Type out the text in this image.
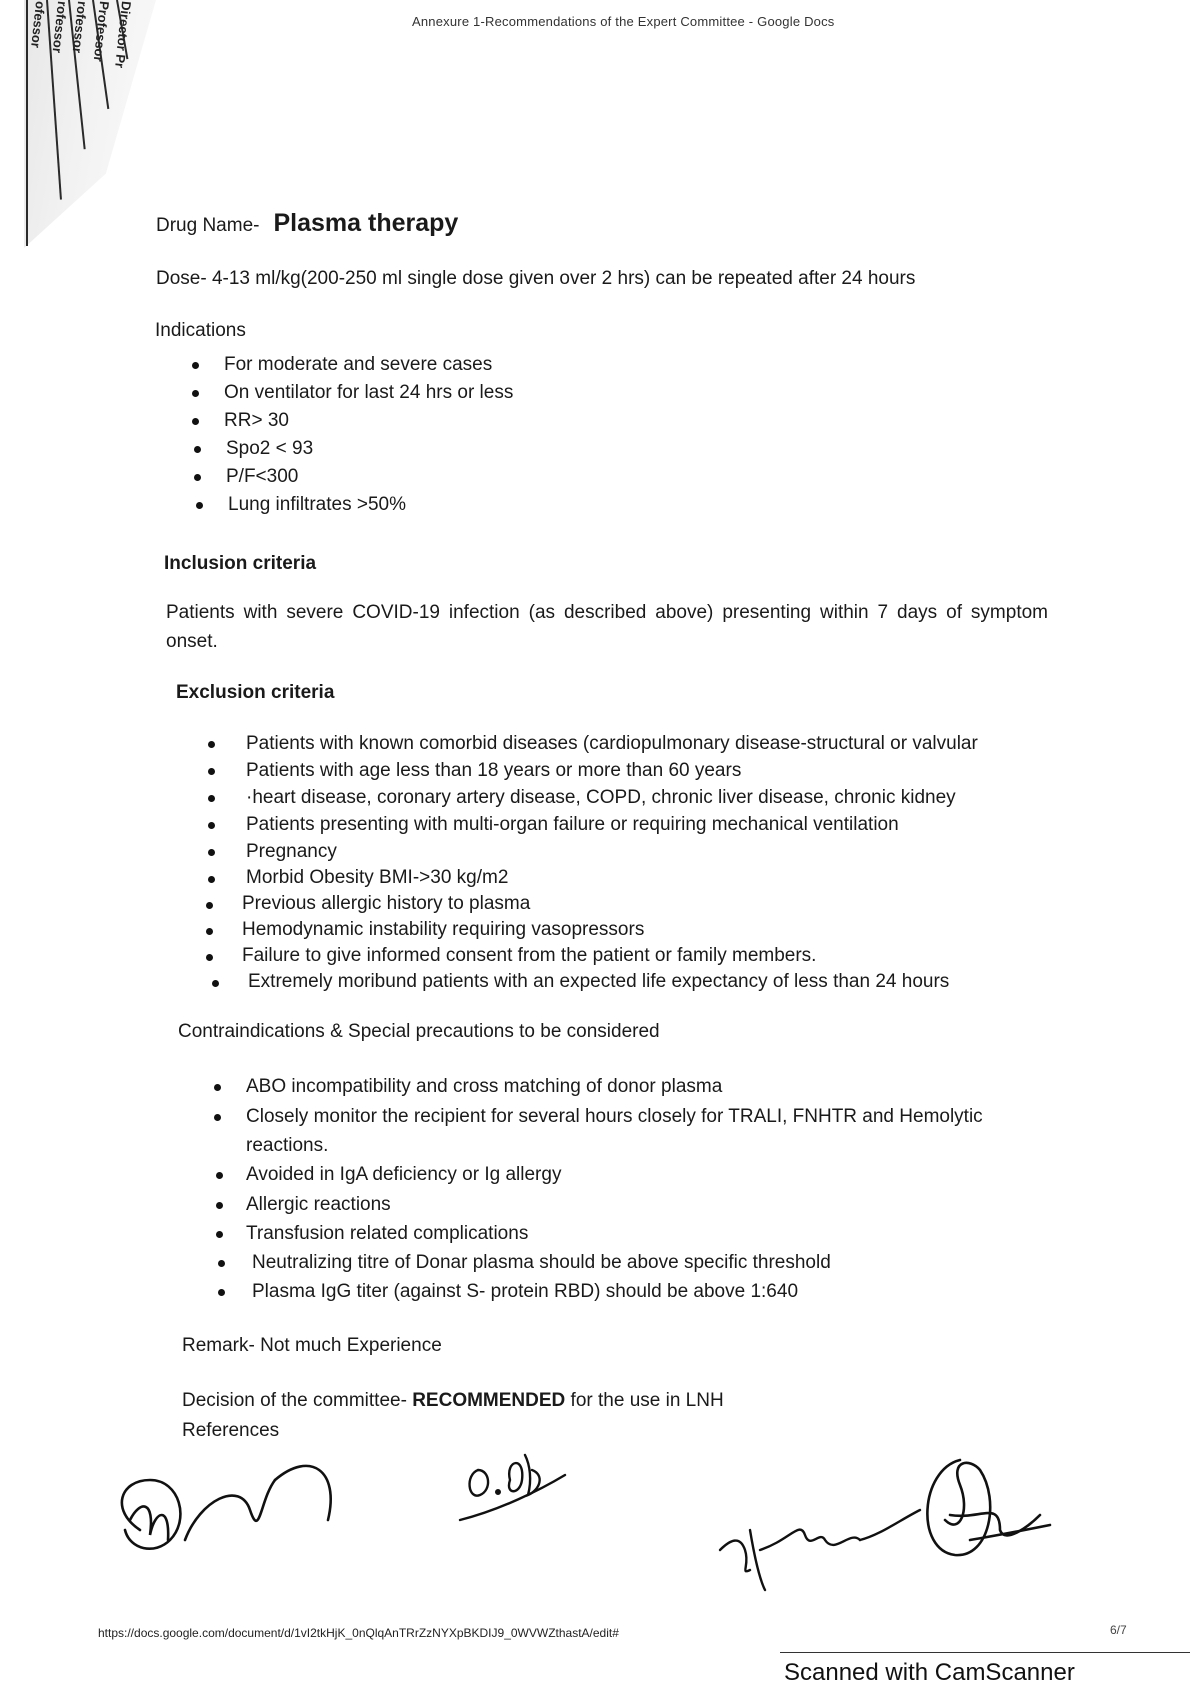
rofessor rofessor Professor
ofessor	Director Pr	Annexure 1-Recommendations of the Expert Committee - Google Docs
Drug Name- Plasma therapy
Dose- 4-13 ml/kg(200-250 ml single dose given over 2 hrs) can be repeated after 24 hours
Indications
For moderate and severe cases
On ventilator for last 24 hrs or less
RR> 30
Spo2 < 93
P/F<300
Lung infiltrates >50%
Inclusion criteria
Patients with severe COVID-19 infection (as described above) presenting within 7 days of symptom onset.
Exclusion criteria
Patients with known comorbid diseases (cardiopulmonary disease-structural or valvular
Patients with age less than 18 years or more than 60 years
·heart disease, coronary artery disease, COPD, chronic liver disease, chronic kidney
Patients presenting with multi-organ failure or requiring mechanical ventilation
Pregnancy
Morbid Obesity BMI->30 kg/m2
Previous allergic history to plasma
Hemodynamic instability requiring vasopressors
Failure to give informed consent from the patient or family members.
Extremely moribund patients with an expected life expectancy of less than 24 hours
Contraindications & Special precautions to be considered
ABO incompatibility and cross matching of donor plasma
Closely monitor the recipient for several hours closely for TRALI, FNHTR and Hemolytic
reactions.
Avoided in IgA deficiency or Ig allergy
Allergic reactions
Transfusion related complications
Neutralizing titre of Donar plasma should be above specific threshold
Plasma IgG titer (against S- protein RBD) should be above 1:640
Remark- Not much Experience
Decision of the committee- RECOMMENDED for the use in LNH
References
https://docs.google.com/document/d/1vI2tkHjK_0nQlqAnTRrZzNYXpBKDIJ9_0WVWZthastA/edit#	6/7
Scanned with CamScanner
